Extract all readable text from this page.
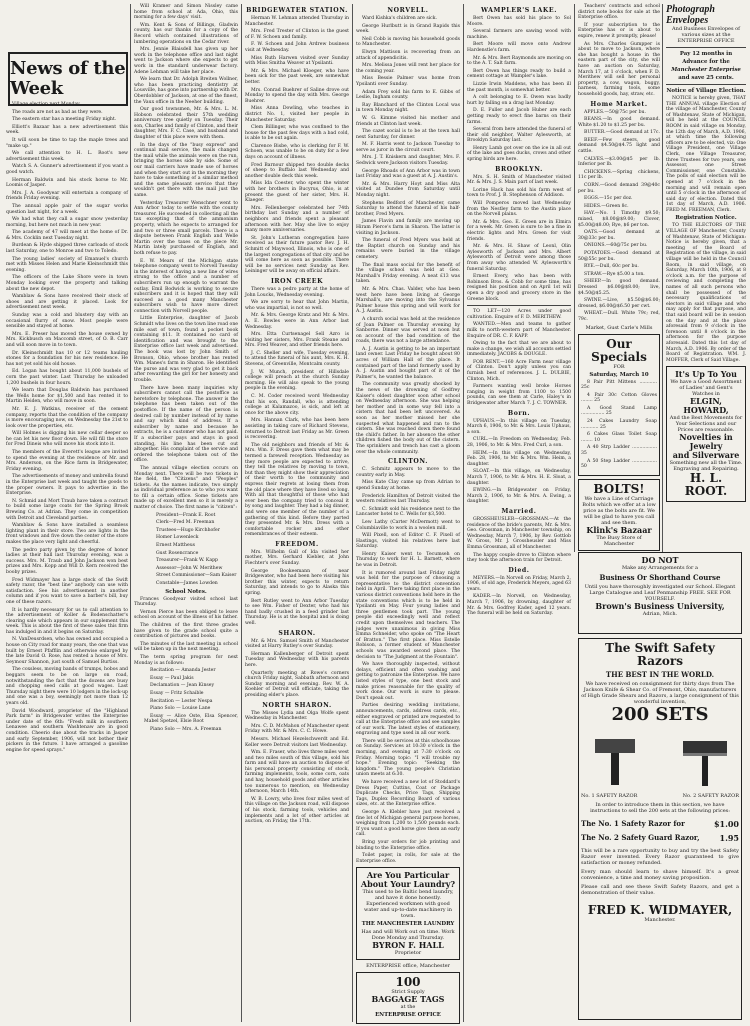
Village election next Monday.

The roads are not as bad as they were.

The eastern star has a meeting Friday night.

Elliott's Bazaar has a new advertisement this week.

It will soon be time to tap the maple trees and "make up."

We call attention to H. L. Root's new advertisement this week.

Watch S. A. Gunner's advertisement if you want a good watch.

Herman Baldwin and his stock horse to Mr. Loomis of Jasper.

Mrs. J. A. Goodyear will entertain a company of friends Friday evening.

The annual apple pair of the sugar works question last night, for a week.

We had what they call a sugar snow yesterday morning, but here not much in new year.

The academy of 47 will meet at the home of Dr. & Mrs. Cocklin next Tuesday night.

Burdean & Hyde shipped three carloads of stock last Saturday, one to Monroe and two to Toledo.

The young ladies' society of Emanuel's church met with Misses Helen and Marie Kleinschmidt this evening.

The officers of the Lake Shore were in town Monday looking over the property and talking about the new depot.

Wamblaw & Sons have received their stock of shoes and are getting it placed. Look for advertisement next week.

Sunday was a cold and blustery day with an occasional flurry of snow. Most people were sensible and stayed at home.

Mrs. E. Preser has moved the house owned by Mrs. Kickbusch on Maccomb street, of O. B. Carr and will soon move in to town.

Dr. Kleinschmidt has 10 or 12 teams hauling stones for a foundation for his new residence. He has not yet sold his old house.

Ed. Logan has bought about 11,000 bushels of corn the past winter. Last Thursday he unloaded 1,200 bushels in four hours.

We learn that Douglas Baldwin has purchased the Wells home for $1,500 and has rented it to Martin Heiden, who will move in soon.

Mr. E. J. Watkins, receiver of the cement company, reports that the condition of the company is more encouraging now, on Wednesday the 21st to look over the properties, etc.

Will Holmes is digging his new cellar deeper so he can let his new floor down. He will fill the store for Fred Dineis who will move his stock into it.

The members of the Everett's league are invited to spend the evening at the residence of Mr. and Mrs. Anderson, on the Rice farm in Bridgewater, Friday evening.

The advertisements of money and umbrella found in the Enterprise last week and taught the goods to the proper owners. It pays to advertise in the Enterprise.

N. Schmid and Mort Traub have taken a contract to build some large coats for the Spring Brook Brewing Co. at Adrian. They come in competition with Detroit and Cleveland parties.

Wamblaw & Sons have installed a seamless lighting plant in their store. Two are lights in the front windows and five down the center of the store makes the place very light and cheerful.

The pedro party given by the degree of honor ladies at their hall last Thursday evening, was a success. Mrs. M. Traub and John Jackson won best prizes and Mrs. Kopp and Will D. Kern received the booby prizes.

Fred Widmayer has a large stock of the Swift safety razor, the "best line" anybody can use with satisfaction. See his advertisement in another column and if you want to save a barber's bill, buy one of these razors.

It is hardly necessary for us to call attention to the advertisement of Koller & Bodenschatter's clearing sale which appears in our supplement this week. This is about the first of these sales this firm has indulged in and it begins on Saturday.

N. VanDeusrdsen, who has owned and occupied a house on City road for many years, the one that was built by Ernest Pfafflin and otherwise enlarged by the late David O. Rose, has rented a house of Mrs. Seymour Shannon, just south of Samuel Burtiss.

The coxsless, moving bands of trumps, hobos and beggars seem to be on large on road, notwithstanding the fact that the dozens are busy and chopping seed calls at good wages. Last Thursday night there were 10 lodgers in the lock-up and one was a boy, seemingly not more than 12 years old.

David Woodward, proprietor of the "Highland Park farm" in Bridgewater writes the Enterprise under date of the 6th: "Fresh milk in southern Lenawee and southern Washtenaw are in good condition. Cheerio due about the tracks in Jasper and early September, 1906, will not bother their pickers in the future. I have arranged a gasoline engine for speed sprays."

News of the Week

Will Kramer and Simon Nissley came home from school at Ada, Ohio, this morning for a few days' visit.

Wm. Kent & Sons of Billings, Gladwin county, has our thanks for a copy of the Record which contained illustrations of lumbering operations on the Cedar river.

Mrs. Jennie Blaisdell has given up her work in the telephone office and last night went to Jackson where she expects to get work in the standard underwear factory. Adene Lehman will take her place.

We learn that Dr. Adolph Breiten Wollner, who has been practicing dentistry at Lousville, has gone into partnership with Dr. Oberdobbler of Jackson, at one of the finest, the Vaux office in the Neeher building.

Our good townsmen, Mr. & Mrs. L. M. Hobson celebrated their 57th wedding anniversary tree quietly on Tuesday. Their son, Charles and family of Clinton, and their daughter, Mrs. F. C. Case, and husband and daughter of this place were with them.

In the days of the "busy express" and continual mail service, the mails changed the mail while the animals were on the run, bringing the horses side by side. Some of our mail carriers have made use of horses and when they start out in the morning they have to take something of a similar method and the same pleasant service that they wouldn't get there with the mail just the same.

Yesterday Treasurer Wenschner went to Ann Arbor today to settle with the county treasurer. He succeeded in collecting all the tax excepting that of the ammonium property, which he expects to arranged for and two or three small parcels. There is a dispute between Frank English and Welle Martin over the taxes on the piece Mr. Martin lately purchased of English, and both refuse to pay.

E. W. Mears of the Michigan state telephone company went to Norvell Tuesday in the interest of having a new line of wires strung to the office and a number of subscribers run up enough to warrant the outlay. Emil Bodwick is working to secure subscribers and it is hoped that they will succeed as a good many Manchester subscribers wish to have more direct connection with Norvell people.

Little Enterprise, daughter of Jacob Schmidt who lives on the town line road one mile east of town, found a pocket book containing $11. It contained no card of identification and was brought to the Enterprise office last week and advertised. The book was lost by John Smith of Bronson, Ohio, whose brother has rented Wm. Manes's farm in Sharon. He identified the purse and was very glad to get it back after rewarding the girl for her honesty and trouble.

There have been many inquiries why subscribers cannot call the postoffice as heretofore by telephone. The answer is the telephone has been taken out of the postoffice. If the name of the person is desired call by number instead of by name and say which kind of address. If a subscriber by name and because he extracts, he is a customer who has not paid. If a subscriber pays and stays in good standing, his line has been cut out altogether. His complaint of the service and ordered the telephone taken out of the office.

The annual village election occurs on Monday next. There will be two tickets in the field, the "Citizens" and "Peoples" tickets. As the names indicate, two simply as individual preference as to who you want to fill a certain office. Some tickets are made up of excellent men so it is merely a matter of choice. The first name is "citizen":

President—Frank E. Root

Clerk—Fred M. Freeman

Trustees—Hugo Kirchhofer

Homer Lowenleck

Ernest Mattheus

Gust Rosencrance

Treasurer—Frank W. Kapp

Assessor—John W. Merithew

Street Commissioner—Sam Kaiser

Constable—James Lowden

School Notes.

Frances Goodyear visited school last Thursday.

Vernon Pierce has been obliged to leave school on account of the illness of his father.

The children of the first three grades have given to the grade school quite a contribution of pictures and books.

The minutes of the last meeting in school will be taken up in the next meeting.

The term spring program for next Monday is as follows:

Recitation — Amanda Jester

Essay — Paul Jakis

Declamation — Jean Kinsey

Essay — Fritz Schaible

Recitation — Lester Nespa

Piano Solo — Louise Lane

Essay — Alice Oste, Elsa Spencer, Mabel Spetzel, Elsie Root

Piano Solo — Mrs. A. Freeman

BRIDGEWATER STATION.

Herman W. Lehman attended Thursday in Manchester.

Mrs. Fred Trester of Clinton is the guest of F. W. Schoen and family.

F. W. Schoen and John Ardrew business visit at Wednesday.

Miss Ruth Harwen visited over Sunday with Miss Smitha Weaver at Ypsilanti.

Mr. & Mrs. Michael Kloeger, who have been sick for the past week, are somewhat better.

Mrs. Conrad Buehrer of Saline drove out Monday to spend the day with Mrs. George Buehrer.

Miss Anna Dowling, who teaches in district No. 1, visited her people in Manchester Saturday.

Clem Billinger, who was confined to the house for the past few days with a bad cold, is able to be out again.

Clarence Bisbe, who is clerking for F. W. Schoen, was unable to be on duty for a few days on account of illness.

Fred Barnour shipped two double decks of sheep to Buffalo last Wednesday and another double deck this week.

Miss Ida Coester, who spent the winter with her brothers in Bucyrus, Ohio, is at present the guest of her sister, Mrs. H. Klaeger.

Mrs. Fellenberger celebrated her 74th birthday last Sunday and a number of neighbors and friends spent a pleasant afternoon with her. May she live to enjoy many more anniversaries.

St. John's Lutheran congregation have received as their future pastor Rev. J. H. Schmitt of Maywood, Illinois, who is one of the largest congregations of that city and he will come here as soon as possible. There will be no services next Sunday as Rev. Leininger will be away on official affairs.

IRON CREEK

There was a pedro party at the home of John Loucks, Wednesday evening.

We are sorry to hear that John Martin, who was impartial, is not so well.

Mr. & Mrs. George Kratz and Mr. & Mrs. A. E. Bowles were in Ann Arbor last Wednesday.

Mrs. Etta Curtsenagel Sell Azro is visiting her sisters, Mrs. Frank Steane and Mrs. Fred Weaver, and other friends here.

J. C. Sheller and wife, Tuesday evening, to attend the funeral of his aunt, Mrs. K. H. Stevens, of Greenville, Montcalm county.

J. W. Munch, president of Hillsdale college will preach at the church Sunday morning. He will also speak to the young people in the evening.

C. M. Coder received word Wednesday that his son, Randall, who is attending college at Kalamazoo, is sick, and left at once for the above city.

Mrs. Hannan Clark, who has been here assisting in taking care of Richard Stevens, returned to Detroit last Friday as Mr. Green is recovering.

The old neighbors and friends of Mr. & Mrs. Wm. F. Dress gave them what may be termed a farewell reception. Wednesday as they more people are expected to arrive, they tell the relatives by moving to town, but than they might show their appreciation of their worth to the community and express their regrets at losing them from the old place where they have lived so long. With all that thoughtful of those who had ever been the company tried to conceal it by song and laughter. They had a big dinner, and were one member of the number of a gathering of this kind. Before they parted they presented Mr. & Mrs. Dress with a comfortable rocker and other remembrances of their esteem.

FREEDOM.

Mrs. Wilhelm Gall of Ida visited her mother, Mrs. Gerhard Kiebler, at John Fiechter's over Sunday.

George Bookeemann of near Bridgewater, who had been here visiting his brother this winter, expects to return Saturday, and intends to go to Alaska this spring.

Bert Rutley went to Ann Arbor Tuesday to see Wm. Fisher of Dexter, who had his hand badly crushed in a feed grinder last Thursday. He is at the hospital and is doing well.

SHARON.

Mr. & Mrs. Samuel Smith of Manchester visited at Harry Rutley's over Sunday.

Herman Kallenberger of Detroit spent Tuesday and Wednesday with his parents here.

Quarterly meeting at Rowe's corners church Friday night, Sabbath afternoon and Sunday morning and evening. Rev. W. A. Koehler of Detroit will officiate, taking the presiding elder's place.

NORTH SHARON.

The Misses Lydia and Olga Wolfe spent Wednesday in Manchester.

Mrs. C. D. McMahon of Manchester spent Friday with Mr. & Mrs. C. C. Howe.

Messrs. Michael Hezelschwerdt and Ed. Keller were Detroit visitors last Wednesday.

Wm. E. Fraser, who lives three miles west and two miles south of this village, sold his farm and will have an auction to dispose of his personal property consisting of stock, farming implements, tools, some corn, oats and hay, household goods and other articles too numerous to mention, on Wednesday afternoon, March 14th.

W. B. Lowry, who lives four miles west of this village on the Jackson road, will dispose of his stock, farming tools, vehicles and implements and a lot of other articles at auction, on Friday, the 17th.

NORVELL.

Ward Kishka's children are sick.

George Hurlbutt is in Grand Rapids this week.

Neil Cobb is moving his household goods to Manchester.

Elwyn Mattison is recovering from an attack of appendicitis.

Mrs. Melissa Jones will rent her place for the coming year.

Miss Bessie Palmer was home from Ypsilanti over Sunday.

Adam Frey sold his farm to E. Gibbs of Leslie, Ingham county.

Ray Blanchard of the Clinton Local was in town Monday night.

W. G. Kimme visited his mother and friends at Clinton last week.

The cazet social is to be at the town hall next Saturday, for dinner.

M. F. Harris went to Jackson Tuesday to serve as juror in the circuit court.

Mrs. J. T. Kniskern and daughter, Mrs. F. Sedwick were Jackson visitors Tuesday.

George Rhoads of Ann Arbor was in town last Friday and was a guest at A. J. Austin's.

Mr. & Mrs. Harry Hoyt and Miss Alta visited at Dundee from Saturday until Monday night.

Stephens Bedford of Manchester, came Saturday to attend the funeral of his half-brother, Fred Myers.

James Flavin and family are moving up Hiram Pierce's farm in Sharon. The latter is visiting in Jackson.

The funeral of Fred Myers was held at the Baptist church on Sunday and his remains were buried in the village cemetery.

The final mass social for the benefit of the village school was held at Geo. Marshall's Friday evening. A neat £13 was taken.

Mr. & Mrs. Chas. Valder, who has been west here have been living at George Marshall's, are moving into the Sylvanus Palmer house this spring and will work for A. J. Austin.

A church social was held at the residence of Joan Palmer on Thursday evening by Sanborne. Dinner was served at noon but on account of the bad condition of the roads, there was not a large attendance.

A. J. Austin is getting to be an important land owner. Last Friday he bought about 80 acres of William Hall of the place. It contained part of the land formerly used by A. J. Austin and bought part of it of the Palmer's, he wanted the balance.

The community was greatly shocked by the news of the drowning of Godfrey Kaiser's oldest daughter soon after school on Wednesday afternoon. She was helping her mother and in some way fell into a cistern that had been left uncovered. As soon as her mother missed her she suspected what happened and ran to the cistern. She was reached down there found the child's father. In her absence the other children fished the body out of the cistern. The sprinklers and trench has cast a gloom over the whole community.

CLINTON.

C. Schmitz appears to move to the country early in May.

Miss Kate Clay came up from Adrian to spend Sunday at home.

Frederick Hamilton of Detroit visited the western relatives last Thursday.

C. Schmidt sold his residence next to the Lancaster hotel to C. Wells for $3,500.

Lew Lathy (Carter McDermott) went to Columbiaville to work in a woolen mill.

Will Pixell, son of Editor C. F. Pixell of Hastings, visited his relatives here last Saturday.

Henry Kaiser went to Tecumseh on Thursday to work for H. L. Barnett, where he was in Detroit.

It is rumored around last Friday night was held for the purpose of choosing a representative to the district convention held in April. There taking first place in the various district conventions held here in the state conventions which is to be held in Ypsilanti on May. Four young ladies and three gentlemen took part. The young people did exceedingly well and reflect credit upon themselves and teachers. The judges were unanimous in giving Miss Emma Schneider, who spoke on "The Heart of Bratton." The first place. Miss Estelle Robison, a former student of Manchester schools was awarded second place. The decision to "The Judgment at the Fountain".

We have thoroughly inspected, without delays, efficient and often washing and getting to patronize the Enterprise. We have listed styles of type, one best stock and make prices reasonable for the quality of work done. Our work is sure to please. Don't speak out.

Parties desiring wedding invitations, announcements, cards, address cards, etc., either engraved or printed are requested to call at the Enterprise office and see samples of our work. The latest styles of stationery, engraving and type used in all our work.

There will be services at this schoolhouse on Sunday. Services at 10:30 o'clock in the morning, and evening at 7:30 o'clock on Friday. Morning topic: "I will trouble my hope." Evening topic: "Seeking the kingdom." The young people's Christian union meets at 6:30.

We have received a new lot of Stoddard's Dress Paper, Cuttins, Coat or Package Duplicate Checks, Price Tags, Shipping Tags, Duplex Recording Board of various sizes, etc. at the Enterprise office.

George A. Klebler have just received a fine lot of Michigan general purpose horses, weighing from 1,200 to 1,500 pounds each. If you want a good horse give them an early call.

Bring your orders for job printing and binding to the Enterprise office.

Toilet paper, in rolls, for sale at the Enterprise office.

Are You Particular
About Your Laundry?
This used to be Baltic bend laundry, and have it done honestly. Experienced workmen with good water and up-to-date machinery in town.
THE MANCHESTER LAUNDRY
Has and will Work out on time. Work Done Monday and Thursday.
BYRON F. HALL
Proprietor
ENTERPRISE office, Manchester
100
Strict Supply
BAGGAGE TAGS
at the
ENTERPRISE OFFICE
WAMPLER'S LAKE.

Bert Owen has sold his place to Sol Moore.

Several farmers are sawing wood with machine.

Bert Moore will move onto Andrew Hardenstle's farm.

Mr. & Mrs. Bert Raymonds are moving on to the A. T. Salt farm.

Bert Owen has things ready to build a cement cottage at Wampler's lake.

Lizzie Irwin Maddens, who has been ill the past month, is somewhat better.

A colt belonging to E. Owen was badly hurt by falling on a drag last Monday.

D. E. Fuller and Jacob Huber are each getting ready to erect fine barns on their farms.

Several from here attended the funeral of their old neighbor, Walter Aylesworth, at Brooklyn Saturday last.

Henry Lamb got over on the ice in all out of the lake and goes ducks, crows and other spring birds are here.

BROOKLYN.

Mrs. S. H. Smith of Manchester visited Mr. & Mrs. J. S. Main part of last week.

Lorine Hack has sold his farm west of town to Prof. J. B. Stephenson of Addison.

Will Pomperos moved last Wednesday from the Nestley farm to the Austin place on the Norvell plains.

Mr. & Mrs. Geo. E. Green are in Elmira for a week. Mr. Green is sure to be a fine in electric lights and Mrs. Green for visit friends.

Mr. & Mrs. H. Shaw of Leonl, Olin Aylesworth of Jackson and Mrs. Albert Aylesworth of Detroit were among those from away who attended W. Aylesworth's funeral Saturday.

Ernest Every, who has been with Robinson Bros. & Cobb for some time, has resigned his position and on April 1st will open a dry good and grocery store in the Greene block.

TO LET—120 Acres under good cultivation. Enquire of F. D. MERITHEW.

WANTED.—Men and teams to gather milk to north-western part of Manchester. Enquire of DR. C. F. KAPP.

Owing to the fact that we are about to make a change, we wish all accounts settled immediately. JACOBS & DOUGLE.

FOR RENT.—160 Acre Farm near village of Clinton. Don't apply unless you can furnish best of references. J. L. DULBIE, Clinton, Mich.

Farmers wanting well broke Horses ranging in weight from 1100 to 1500 pounds, can see them at Carle, Haley's in Bridgewater after March 7. J. C. TOWNER.

Born.

UPHAUS.—In this village on Tuesday, March 6, 1906, to Mr. & Mrs. Louis Uphaus, a son.

CURL.—In Freedom on Wednesday, Feb. 28, 1906, to Mr. & Mrs. Fred Curl, a son.

HEIM.—In this village on Wednesday, Feb. 28, 1906, to Mr. & Mrs. Wm. Heim, a daughter.

SLOAT.—In this village, on Wednesday, March 7, 1906, to Mr. & Mrs. H. E. Sloat, a daughter.

EWING.—In Bridgewater on Friday, March 2, 1906, to Mr. & Mrs. A. Ewing, a daughter.

Married.

GROSSHEUSLER—GROSSMAN.—At the residence of the bride's parents, Mr. & Mrs. Geo. Grossman, in Manchester township, on Wednesday, March 7, 1906, by Rev. Gottlob W. Gross, Mr. J. Grossheusler and Miss Emma Grossman, all of Manchester.

The happy couple drove to Clinton where they took the afternoon train for Detroit.

Died.

MEYERS.—In Norvell on Friday, March 2, 1906, of old age, Frederick Meyers, aged 63 years.

KADER.—In Norvell, on Wednesday, March 7, 1906, by drowning, daughter of Mr. & Mrs. Godfrey Kader, aged 12 years. The funeral will be held on Saturday.

Teachers' contracts and school district note books for sale at the Enterprise office.

If your subscription to the Enterprise has or is about to expire, renew it promptly, please!

As Mrs. Charles Gumpper is about to move to Jackson, where she has bought a house in the eastern part of the city, she will have an auction on Saturday, March 17, at 1 o'clock, when F. D. Merithew will sell her personal property, a cow, wagon, buggy, harness, farming tools, some household goods, hay, straw, etc.

Home Market.

APPLES.—50@75c per bu.

BEANS.—In good demand. White $1.20 to $1.25 per bu.

BUTTER.—Good demand at 17c.

BEEF.—Few steers, good demand $4.50@$4.75 light and cattle.

CALVES.—$3.00@$5 per lb. Inferior per lb.

CHICKENS.—Spring chickens, 11c per lb.

CORN.—Good demand 39@40c per bu.

EGGS.—15c per doz.

HIDES.—Green 8c.

HAY.—No. 1 Timothy $9.50; mixed, $8.00@$9.00; Clover, $5.00@$8.00; Rye, $6 per ton.

OATS.—Good demand at 30@33c per bu.

ONIONS.—60@75c per bu.

POTATOES.—Good demand at 50@55c per bu.

RYE.—Dull, 60c per bu.

STRAW.—Rye $5.00 a ton.

SHEEP.—In good demand. Dressed $6.00@$8.00; live, $4.50@$5.25.

SWINE.—Live, $5.50@$6.00; dressed, $6.00@$6.50 per cwt.

WHEAT.—Dull. White 79c; red, 79c.

Market, Gust Carle's Mills
Our Specials
FOR
Saturday, March 10

8 Pair Pitt Mittens ............ 25c

4 Pair 30c Cotton Gloves ........ 25

A Good Stand Lamp ................ 25

24 Cakes Laundry Soap ............ 25

6 Cakes Glass Toilet Soap ........ 10

A 40 Strp Ladder ................. 35

A 50 Step Ladder ................. 50

BOLTS!
We have a Line of Carriage Bolts which we offer at a low price as the bolts are fit. We will be glad to have you call and see them.
Klink's Bazaar
The Busy Store of Manchester
Photograph Envelopes
And Business Envelopes of various sizes at the ENTERPRISE OFFICE
Pay 12 months in
Advance for the
Manchester Enterprise
and save 25 cents.
Notice of Village Election.

NOTICE is hereby given, THAT THE ANNUAL village Election of the village of Manchester, County of Washtenaw, State of Michigan, will be held at the COUNCIL ROOM in said village on Monday, the 12th day of March, A.D. 1906, at which time the following officers are to be elected, viz: One Village President, one Village Clerk, one Village Treasurer, three Trustees for two years, one Assessor, one Street Commissioner, one Constable. The polls of said election will be opened at 7 o'clock in the morning and will remain open until 5 o'clock in the afternoon of said day of election. Dated this 1st day of March, A.D. 1906. FRED M. FREEMAN, Clerk.

Registration Notice.

TO THE ELECTORS OF THE VILLAGE OF Manchester, County of Washtenaw, State of Michigan: Notice is hereby given, that a meeting of the Board of Registration of the village, in said village will be held in the Council Room, in said village, on Saturday, March 10th, 1906, at 8 o'clock a.m. for the purpose of reviewing and completing the names of all such persons who shall be possessed of the necessary qualifications of electors in said village and who may apply for that purpose, and that said board will be in session on the day and at the place aforesaid from 9 o'clock in the forenoon until 8 o'clock in the afternoon for the purpose aforesaid. Dated this 1st day of March, A.D. 1906. By order of the Board of Registration. WM. J. MOFFER, Clerk of Said Village.

It's Up To You
We have a Good Assortment of Ladies' and Gent's Watches in
ELGIN,
HOWARD,
And the Best Movements for Your Selections and our Prices are reasonable.
Novelties in
Jewelry
and Silverware
Something new all the Time. Engraving and Repairing.
H. L. ROOT.
DO NOT
Make any Arrangements for a
Business Or Shorthand Course
Until you have thoroughly investigated our School. Elegant Large Catalogue and Leaf Penmanship FREE. SEE FOR YOURSELF.
Brown's Business University,
Adrian, Mich.
The Swift Safety Razors
THE BEST IN THE WORLD.
We have received on consignment for thirty days from The Jackson Knife & Shear Co. of Fremont, Ohio, manufacturers of High Grade Shears and Razors, a large consignment of this wonderful invention,
200 SETS
No. 1 SAFETY RAZOR	No. 2 SAFETY RAZOR
In order to introduce them in this section, we have instructions to sell the 200 sets at the following prices:
The No. 1 Safety Razor for	$1.00
The No. 2 Safety Guard Razor,	1.95
This will be a rare opportunity to buy and try the best Safety Razor ever invented. Every Razor guaranteed to give satisfaction or money refunded.
Every man should learn to shave himself. It's a great convenience, a time and money saving proposition.
Please call and see these Swift Safety Razors, and get a demonstration of their value.
FRED K. WIDMAYER,
Manchester.
